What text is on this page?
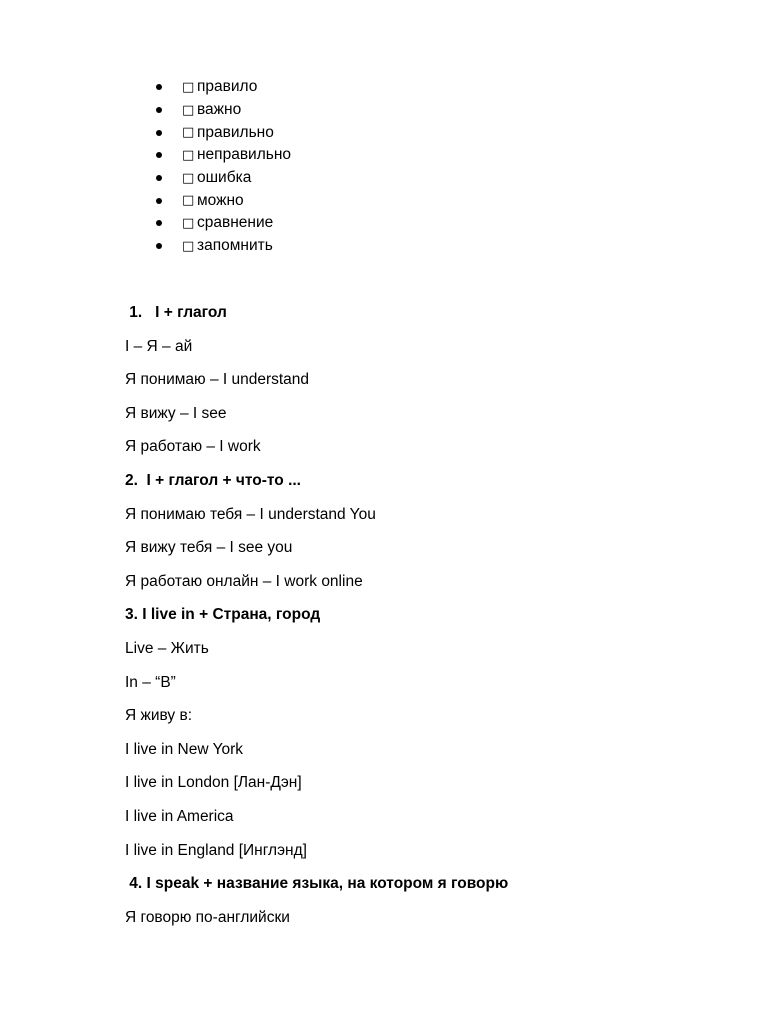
□ правило
□ важно
□ правильно
□ неправильно
□ ошибка
□ можно
□ сравнение
□ запомнить
1.   I + глагол
I – Я – ай
Я понимаю – I understand
Я вижу – I see
Я работаю – I work
2.  I + глагол + что-то ...
Я понимаю тебя – I understand You
Я вижу тебя – I see you
Я работаю онлайн – I work online
3. I live in + Страна, город
Live – Жить
In – “В”
Я живу в:
I live in New York
I live in London [Лан-Дэн]
I live in America
I live in England [Инглэнд]
4. I speak + название языка, на котором я говорю
Я говорю по-английски
